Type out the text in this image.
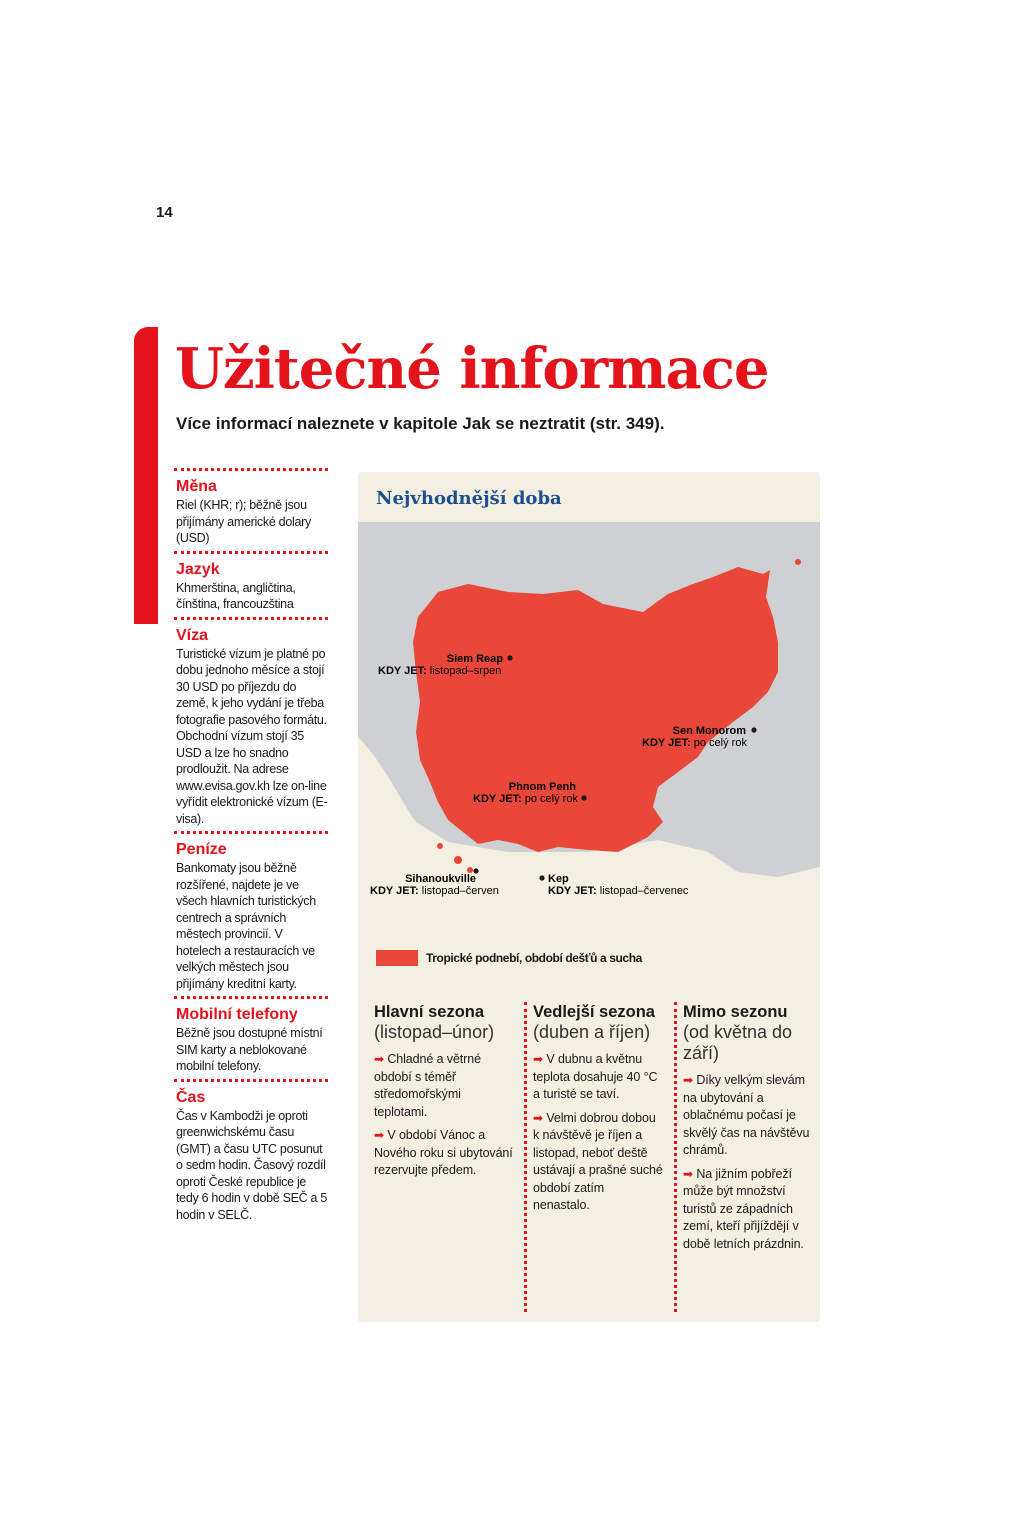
14
Užitečné informace
Více informací naleznete v kapitole Jak se neztratit (str. 349).
Měna
Riel (KHR; r); běžně jsou přijímány americké dolary (USD)
Jazyk
Khmerština, angličtina, čínština, francouzština
Víza
Turistické vízum je platné po dobu jednoho měsíce a stojí 30 USD po příjezdu do země, k jeho vydání je třeba fotografie pasového formátu. Obchodní vízum stojí 35 USD a lze ho snadno prodloužit. Na adrese www.evisa.gov.kh lze on-line vyřídit elektronické vízum (E-visa).
Peníze
Bankomaty jsou běžně rozšířené, najdete je ve všech hlavních turistických centrech a správních městech provincií. V hotelech a restauracích ve velkých městech jsou přijímány kreditní karty.
Mobilní telefony
Běžně jsou dostupné místní SIM karty a neblokované mobilní telefony.
Čas
Čas v Kambodži je oproti greenwichskému času (GMT) a času UTC posunut o sedm hodin. Časový rozdíl oproti České republice je tedy 6 hodin v době SEČ a 5 hodin v SELČ.
Nejvhodnější doba
Siem Reap
KDY JET: listopad–srpen
Sen Monorom
KDY JET: po celý rok
Phnom Penh
KDY JET: po celý rok
Sihanoukville
KDY JET: listopad–červen
Kep
KDY JET: listopad–červenec
Tropické podnebí, období dešťů a sucha
Hlavní sezona
(listopad–únor)
➡ Chladné a větrné období s téměř středomořskými teplotami.
➡ V období Vánoc a Nového roku si ubytování rezervujte předem.
Vedlejší sezona
(duben a říjen)
➡ V dubnu a květnu teplota dosahuje 40 °C a turisté se taví.
➡ Velmi dobrou dobou k návštěvě je říjen a listopad, neboť deště ustávají a prašné suché období zatím nenastalo.
Mimo sezonu
(od května do září)
➡ Díky velkým slevám na ubytování a oblačnému počasí je skvělý čas na návštěvu chrámů.
➡ Na jižním pobřeží může být množství turistů ze západních zemí, kteří přijíždějí v době letních prázdnin.
